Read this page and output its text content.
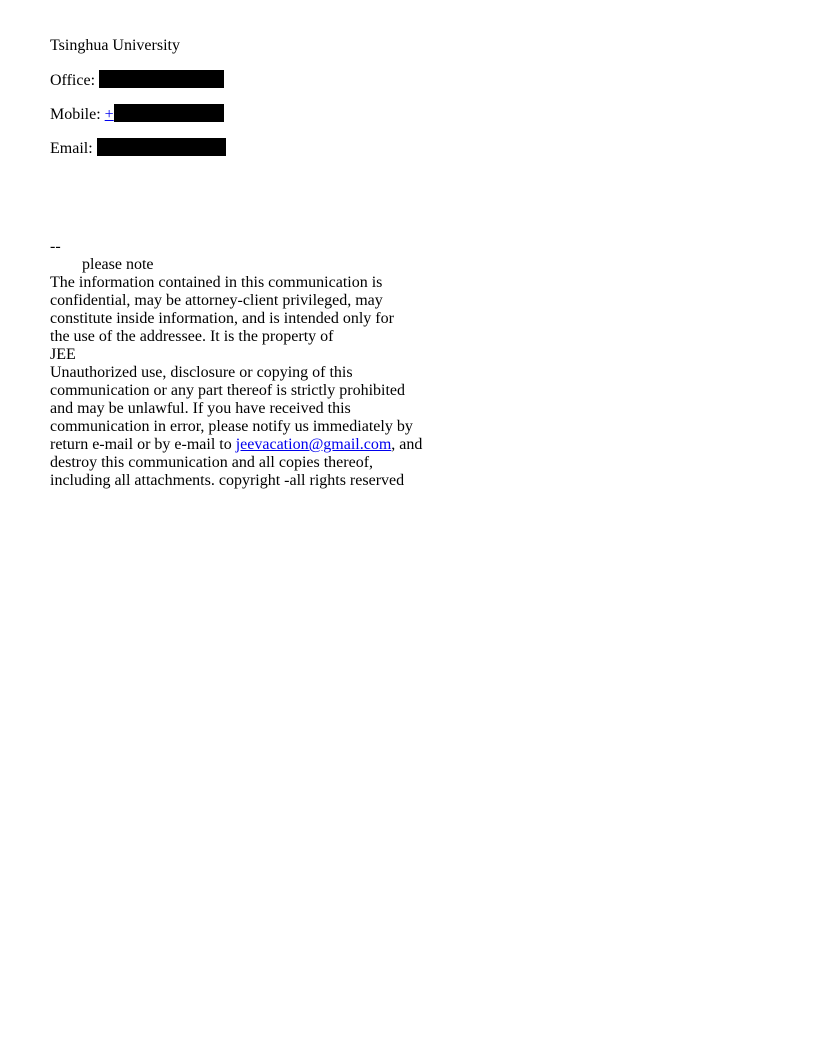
Tsinghua University
Office:
Mobile: +
Email:
--
please note
The information contained in this communication is
confidential, may be attorney-client privileged, may
constitute inside information, and is intended only for
the use of the addressee. It is the property of
JEE
Unauthorized use, disclosure or copying of this
communication or any part thereof is strictly prohibited
and may be unlawful. If you have received this
communication in error, please notify us immediately by
return e-mail or by e-mail to jeevacation@gmail.com, and
destroy this communication and all copies thereof,
including all attachments. copyright -all rights reserved
